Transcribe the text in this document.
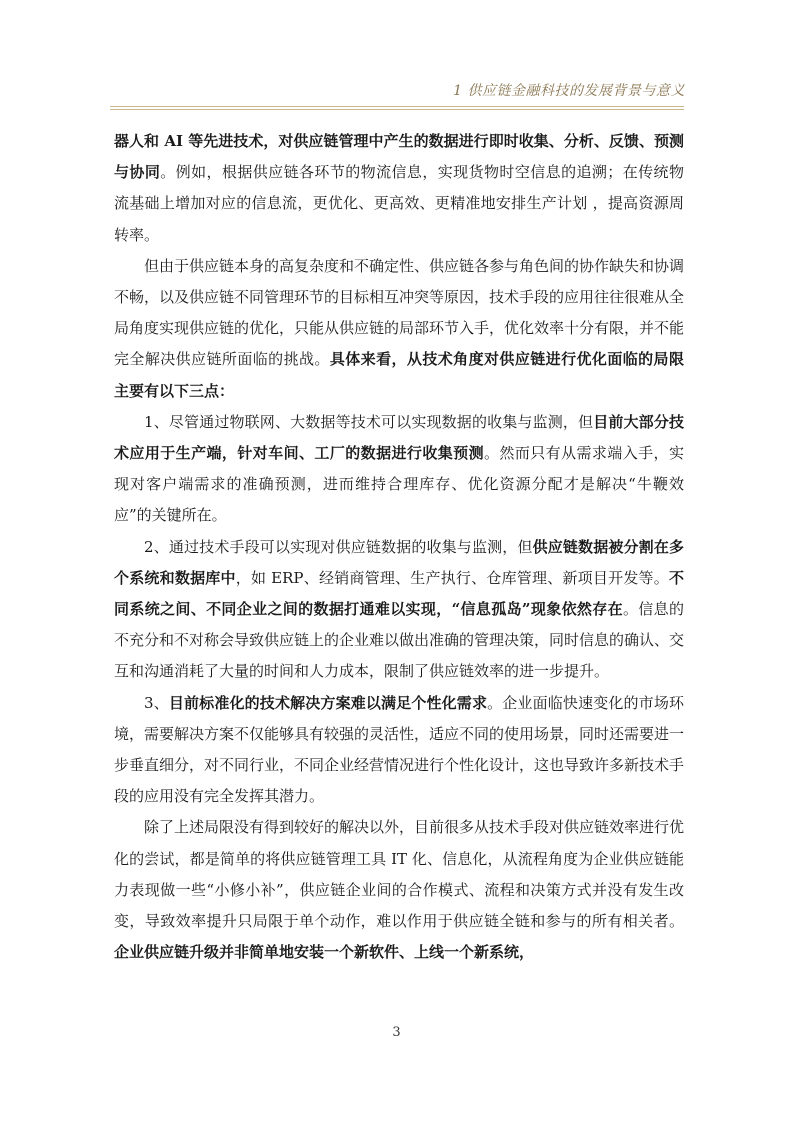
1 供应链金融科技的发展背景与意义

器人和 AI 等先进技术，对供应链管理中产生的数据进行即时收集、分析、反馈、预测与协同。例如，根据供应链各环节的物流信息，实现货物时空信息的追溯；在传统物流基础上增加对应的信息流，更优化、更高效、更精准地安排生产计划 ，提高资源周转率。

但由于供应链本身的高复杂度和不确定性、供应链各参与角色间的协作缺失和协调不畅，以及供应链不同管理环节的目标相互冲突等原因，技术手段的应用往往很难从全局角度实现供应链的优化，只能从供应链的局部环节入手，优化效率十分有限，并不能完全解决供应链所面临的挑战。具体来看，从技术角度对供应链进行优化面临的局限主要有以下三点：

1、尽管通过物联网、大数据等技术可以实现数据的收集与监测，但目前大部分技术应用于生产端，针对车间、工厂的数据进行收集预测。然而只有从需求端入手，实现对客户端需求的准确预测，进而维持合理库存、优化资源分配才是解决“牛鞭效应”的关键所在。

2、通过技术手段可以实现对供应链数据的收集与监测，但供应链数据被分割在多个系统和数据库中，如 ERP、经销商管理、生产执行、仓库管理、新项目开发等。不同系统之间、不同企业之间的数据打通难以实现，“信息孤岛”现象依然存在。信息的不充分和不对称会导致供应链上的企业难以做出准确的管理决策，同时信息的确认、交互和沟通消耗了大量的时间和人力成本，限制了供应链效率的进一步提升。

3、目前标准化的技术解决方案难以满足个性化需求。企业面临快速变化的市场环境，需要解决方案不仅能够具有较强的灵活性，适应不同的使用场景，同时还需要进一步垂直细分，对不同行业，不同企业经营情况进行个性化设计，这也导致许多新技术手段的应用没有完全发挥其潜力。

除了上述局限没有得到较好的解决以外，目前很多从技术手段对供应链效率进行优化的尝试，都是简单的将供应链管理工具 IT 化、信息化，从流程角度为企业供应链能力表现做一些“小修小补”，供应链企业间的合作模式、流程和决策方式并没有发生改变，导致效率提升只局限于单个动作，难以作用于供应链全链和参与的所有相关者。企业供应链升级并非简单地安装一个新软件、上线一个新系统，

3
